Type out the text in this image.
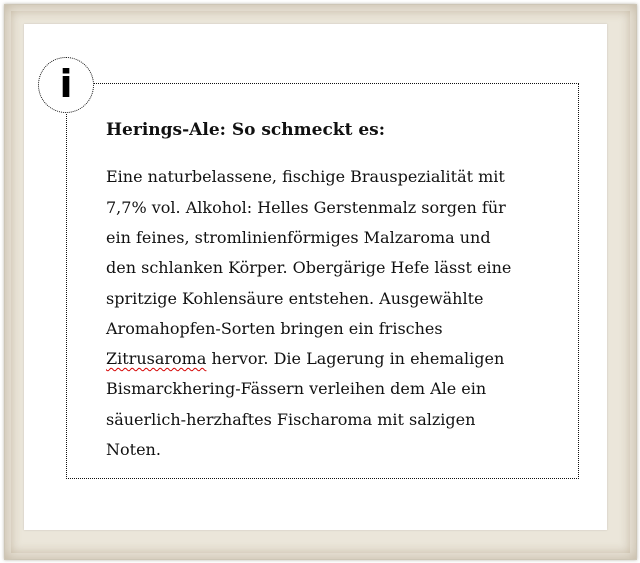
i

Herings-Ale: So schmeckt es:

Eine naturbelassene, fischige Brauspezialität mit
7,7% vol. Alkohol: Helles Gerstenmalz sorgen für
ein feines, stromlinienförmiges Malzaroma und
den schlanken Körper. Obergärige Hefe lässt eine
spritzige Kohlensäure entstehen. Ausgewählte
Aromahopfen-Sorten bringen ein frisches
Zitrusaroma hervor. Die Lagerung in ehemaligen
Bismarckhering-Fässern verleihen dem Ale ein
säuerlich-herzhaftes Fischaroma mit salzigen
Noten.
